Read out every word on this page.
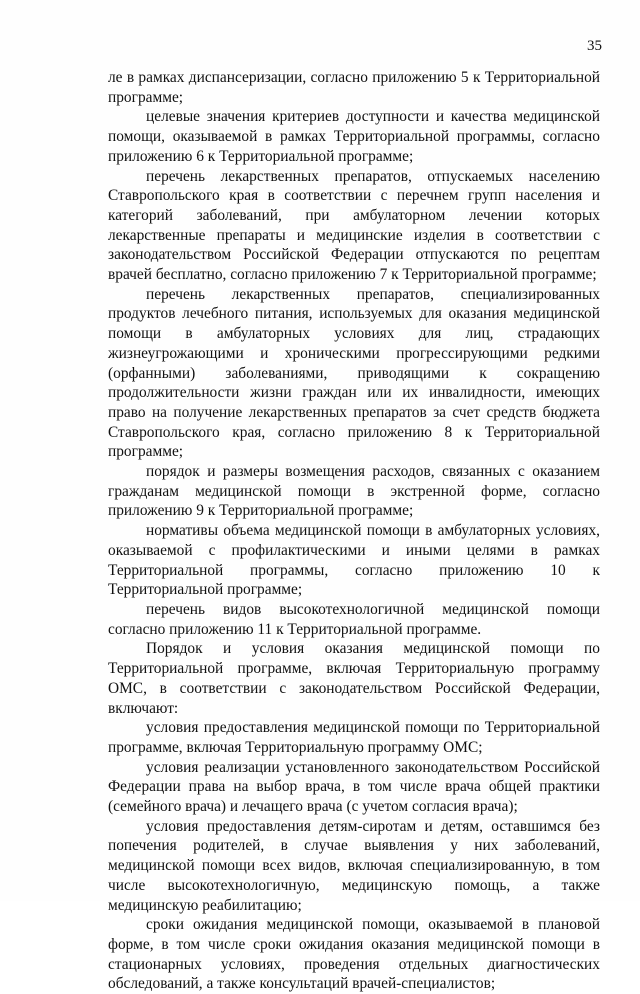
35

ле в рамках диспансеризации, согласно приложению 5 к Территориальной программе;

целевые значения критериев доступности и качества медицинской помощи, оказываемой в рамках Территориальной программы, согласно приложению 6 к Территориальной программе;

перечень лекарственных препаратов, отпускаемых населению Ставропольского края в соответствии с перечнем групп населения и категорий заболеваний, при амбулаторном лечении которых лекарственные препараты и медицинские изделия в соответствии с законодательством Российской Федерации отпускаются по рецептам врачей бесплатно, согласно приложению 7 к Территориальной программе;

перечень лекарственных препаратов, специализированных продуктов лечебного питания, используемых для оказания медицинской помощи в амбулаторных условиях для лиц, страдающих жизнеугрожающими и хроническими прогрессирующими редкими (орфанными) заболеваниями, приводящими к сокращению продолжительности жизни граждан или их инвалидности, имеющих право на получение лекарственных препаратов за счет средств бюджета Ставропольского края, согласно приложению 8 к Территориальной программе;

порядок и размеры возмещения расходов, связанных с оказанием гражданам медицинской помощи в экстренной форме, согласно приложению 9 к Территориальной программе;

нормативы объема медицинской помощи в амбулаторных условиях, оказываемой с профилактическими и иными целями в рамках Территориальной программы, согласно приложению 10 к Территориальной программе;

перечень видов высокотехнологичной медицинской помощи согласно приложению 11 к Территориальной программе.

Порядок и условия оказания медицинской помощи по Территориальной программе, включая Территориальную программу ОМС, в соответствии с законодательством Российской Федерации, включают:

условия предоставления медицинской помощи по Территориальной программе, включая Территориальную программу ОМС;

условия реализации установленного законодательством Российской Федерации права на выбор врача, в том числе врача общей практики (семейного врача) и лечащего врача (с учетом согласия врача);

условия предоставления детям-сиротам и детям, оставшимся без попечения родителей, в случае выявления у них заболеваний, медицинской помощи всех видов, включая специализированную, в том числе высокотехнологичную, медицинскую помощь, а также медицинскую реабилитацию;

сроки ожидания медицинской помощи, оказываемой в плановой форме, в том числе сроки ожидания оказания медицинской помощи в стационарных условиях, проведения отдельных диагностических обследований, а также консультаций врачей-специалистов;
